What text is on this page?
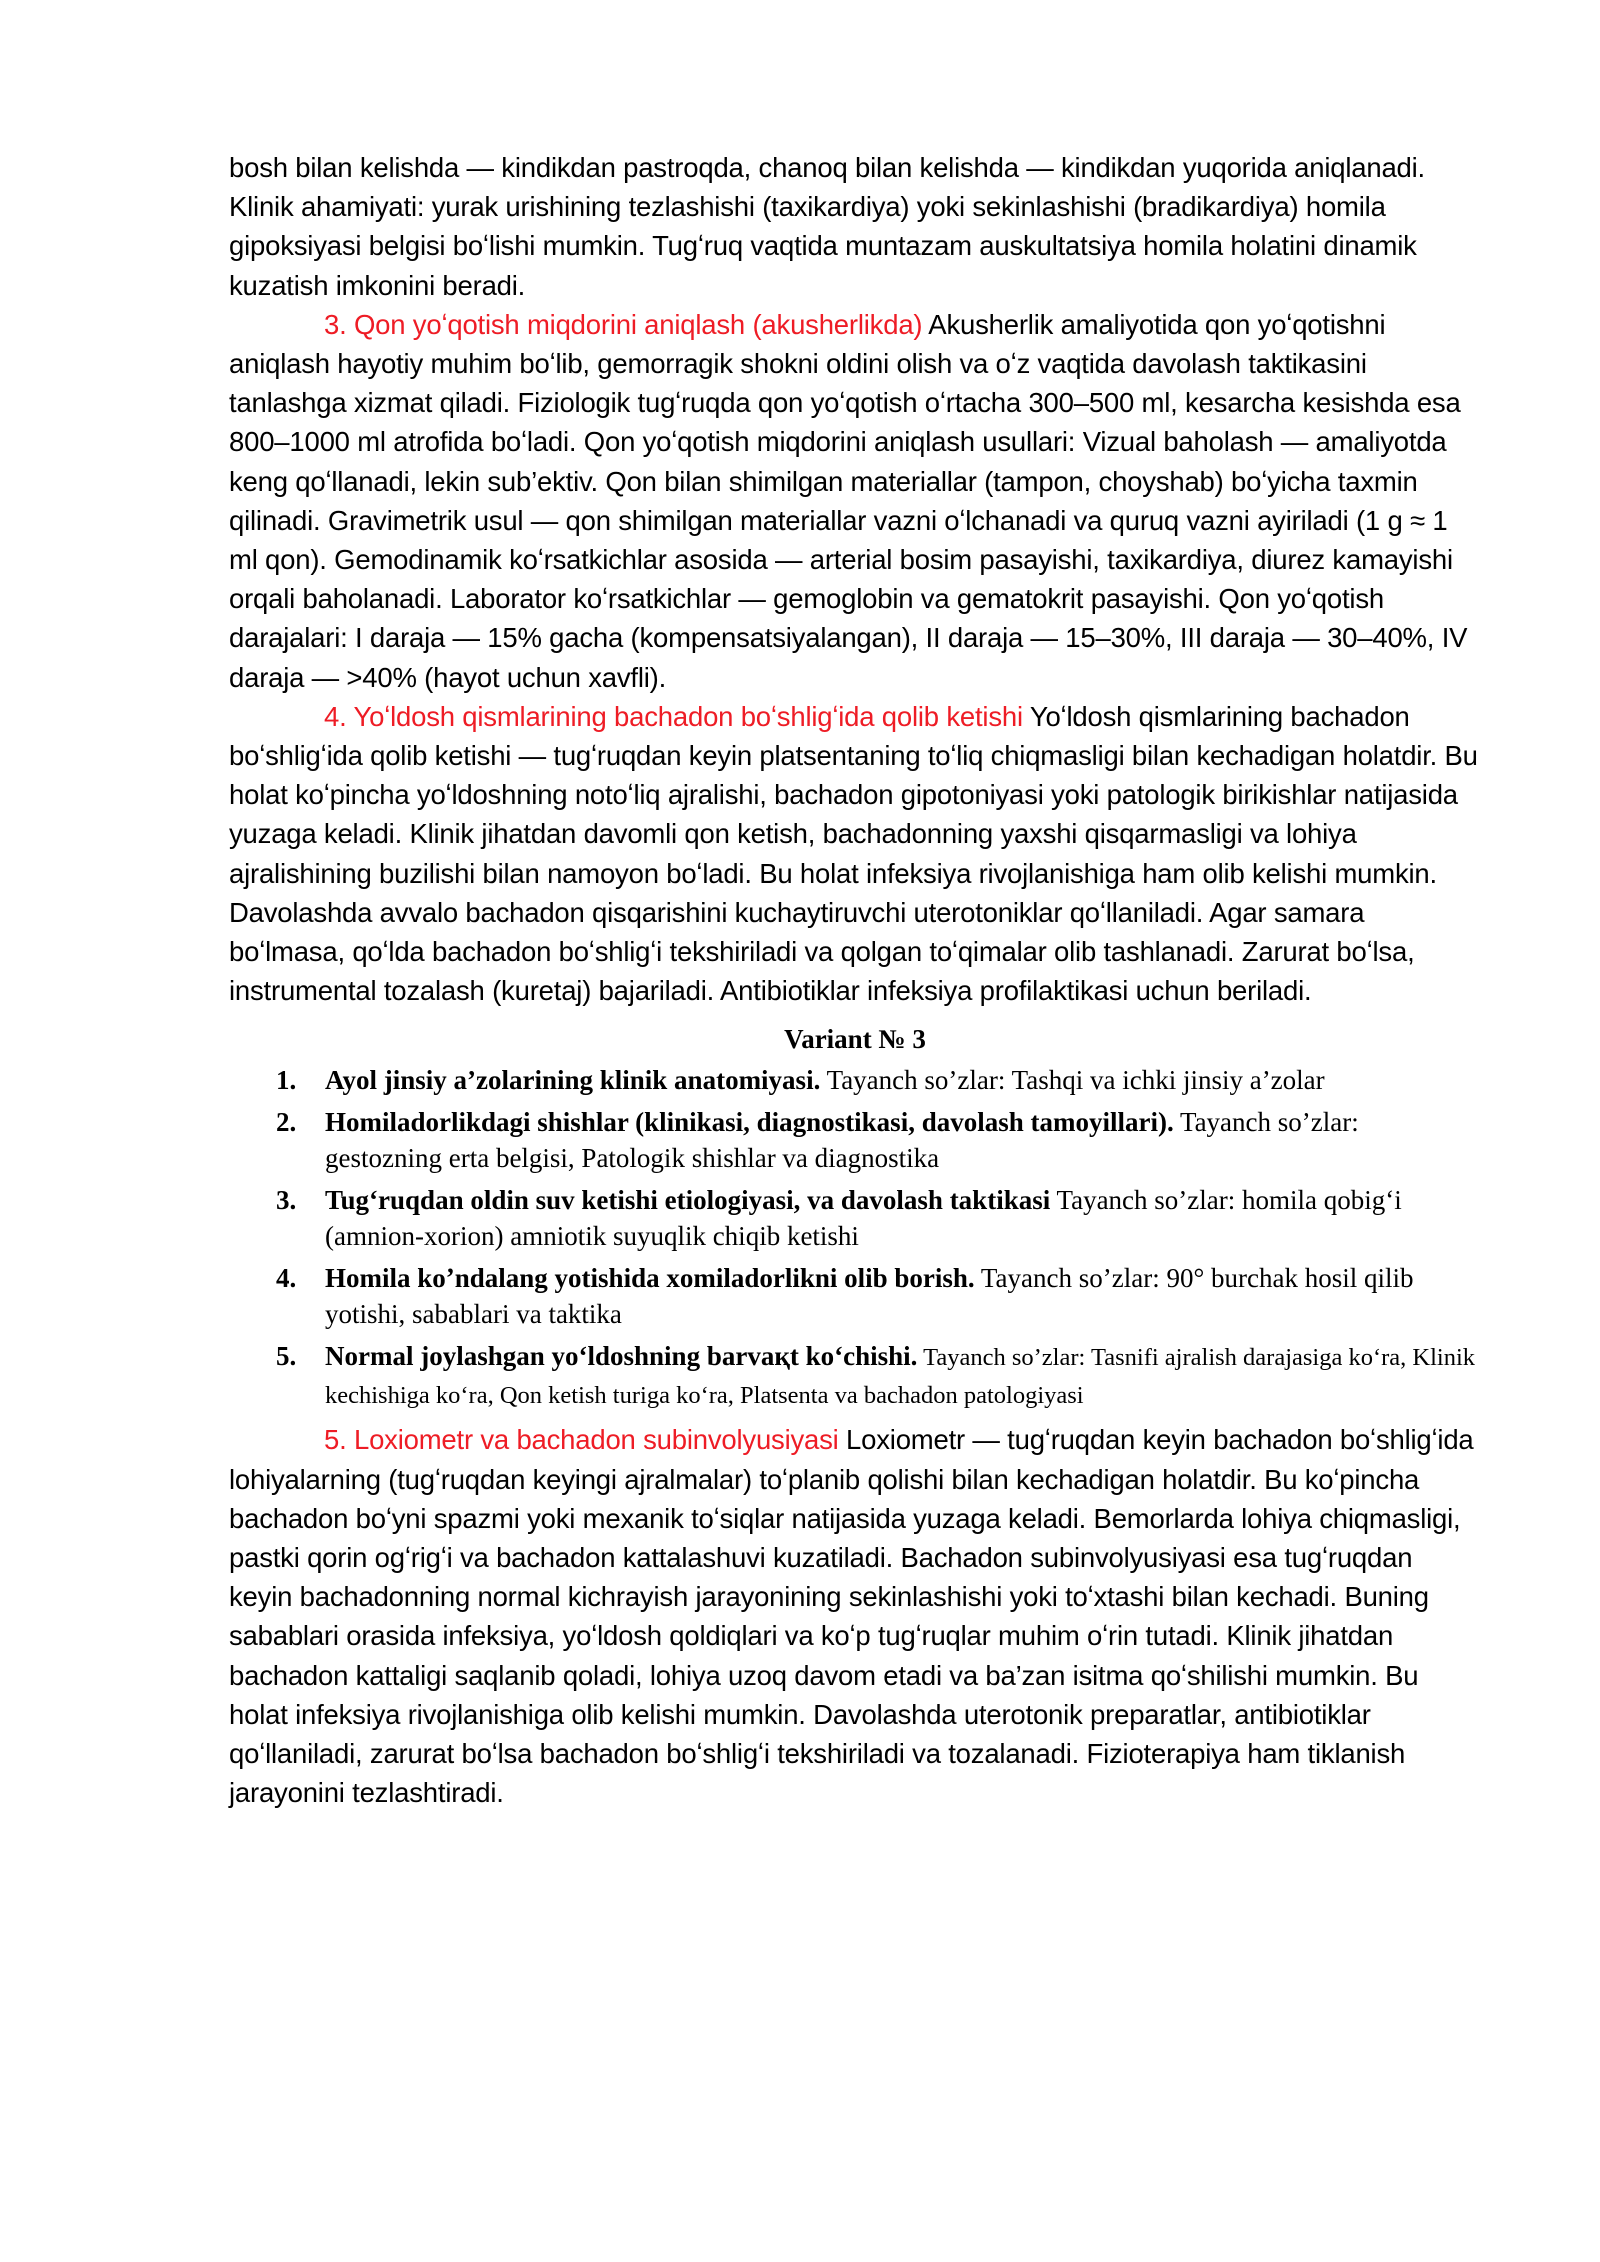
bosh bilan kelishda — kindikdan pastroqda, chanoq bilan kelishda — kindikdan yuqorida aniqlanadi. Klinik ahamiyati: yurak urishining tezlashishi (taxikardiya) yoki sekinlashishi (bradikardiya) homila gipoksiyasi belgisi boʻlishi mumkin. Tugʻruq vaqtida muntazam auskultatsiya homila holatini dinamik kuzatish imkonini beradi.

3. Qon yoʻqotish miqdorini aniqlash (akusherlikda) Akusherlik amaliyotida qon yoʻqotishni aniqlash hayotiy muhim boʻlib, gemorragik shokni oldini olish va oʻz vaqtida davolash taktikasini tanlashga xizmat qiladi. Fiziologik tugʻruqda qon yoʻqotish oʻrtacha 300–500 ml, kesarcha kesishda esa 800–1000 ml atrofida boʻladi. Qon yoʻqotish miqdorini aniqlash usullari: Vizual baholash — amaliyotda keng qoʻllanadi, lekin sub’ektiv. Qon bilan shimilgan materiallar (tampon, choyshab) boʻyicha taxmin qilinadi. Gravimetrik usul — qon shimilgan materiallar vazni oʻlchanadi va quruq vazni ayiriladi (1 g ≈ 1 ml qon). Gemodinamik koʻrsatkichlar asosida — arterial bosim pasayishi, taxikardiya, diurez kamayishi orqali baholanadi. Laborator koʻrsatkichlar — gemoglobin va gematokrit pasayishi. Qon yoʻqotish darajalari: I daraja — 15% gacha (kompensatsiyalangan), II daraja — 15–30%, III daraja — 30–40%, IV daraja — >40% (hayot uchun xavfli).

4. Yoʻldosh qismlarining bachadon boʻshligʻida qolib ketishi Yoʻldosh qismlarining bachadon boʻshligʻida qolib ketishi — tugʻruqdan keyin platsentaning toʻliq chiqmasligi bilan kechadigan holatdir. Bu holat koʻpincha yoʻldoshning notoʻliq ajralishi, bachadon gipotoniyasi yoki patologik birikishlar natijasida yuzaga keladi. Klinik jihatdan davomli qon ketish, bachadonning yaxshi qisqarmasligi va lohiya ajralishining buzilishi bilan namoyon boʻladi. Bu holat infeksiya rivojlanishiga ham olib kelishi mumkin. Davolashda avvalo bachadon qisqarishini kuchaytiruvchi uterotoniklar qoʻllaniladi. Agar samara boʻlmasa, qoʻlda bachadon boʻshligʻi tekshiriladi va qolgan toʻqimalar olib tashlanadi. Zarurat boʻlsa, instrumental tozalash (kuretaj) bajariladi. Antibiotiklar infeksiya profilaktikasi uchun beriladi.

Variant № 3
1. Ayol jinsiy a’zolarining klinik anatomiyasi. Tayanch so’zlar: Tashqi va ichki jinsiy a’zolar
2. Homiladorlikdagi shishlar (klinikasi, diagnostikasi, davolash tamoyillari). Tayanch so’zlar: gestozning erta belgisi, Patologik shishlar va diagnostika
3. Tugʻruqdan oldin suv ketishi etiologiyasi, va davolash taktikasi Tayanch so’zlar: homila qobigʻi (amnion-xorion) amniotik suyuqlik chiqib ketishi
4. Homila koʼndalang yotishida xomiladorlikni olib borish. Tayanch so’zlar: 90° burchak hosil qilib yotishi, sabablari va taktika
5. Normal joylashgan yoʻldoshning barvaқt koʻchishi. Tayanch so’zlar: Tasnifi ajralish darajasiga koʻra, Klinik kechishiga koʻra, Qon ketish turiga koʻra, Platsenta va bachadon patologiyasi

5. Loxiometr va bachadon subinvolyusiyasi Loxiometr — tugʻruqdan keyin bachadon boʻshligʻida lohiyalarning (tugʻruqdan keyingi ajralmalar) toʻplanib qolishi bilan kechadigan holatdir. Bu koʻpincha bachadon boʻyni spazmi yoki mexanik toʻsiqlar natijasida yuzaga keladi. Bemorlarda lohiya chiqmasligi, pastki qorin ogʻrigʻi va bachadon kattalashuvi kuzatiladi. Bachadon subinvolyusiyasi esa tugʻruqdan keyin bachadonning normal kichrayish jarayonining sekinlashishi yoki toʻxtashi bilan kechadi. Buning sabablari orasida infeksiya, yoʻldosh qoldiqlari va koʻp tugʻruqlar muhim oʻrin tutadi. Klinik jihatdan bachadon kattaligi saqlanib qoladi, lohiya uzoq davom etadi va ba’zan isitma qoʻshilishi mumkin. Bu holat infeksiya rivojlanishiga olib kelishi mumkin. Davolashda uterotonik preparatlar, antibiotiklar qoʻllaniladi, zarurat boʻlsa bachadon boʻshligʻi tekshiriladi va tozalanadi. Fizioterapiya ham tiklanish jarayonini tezlashtiradi.
